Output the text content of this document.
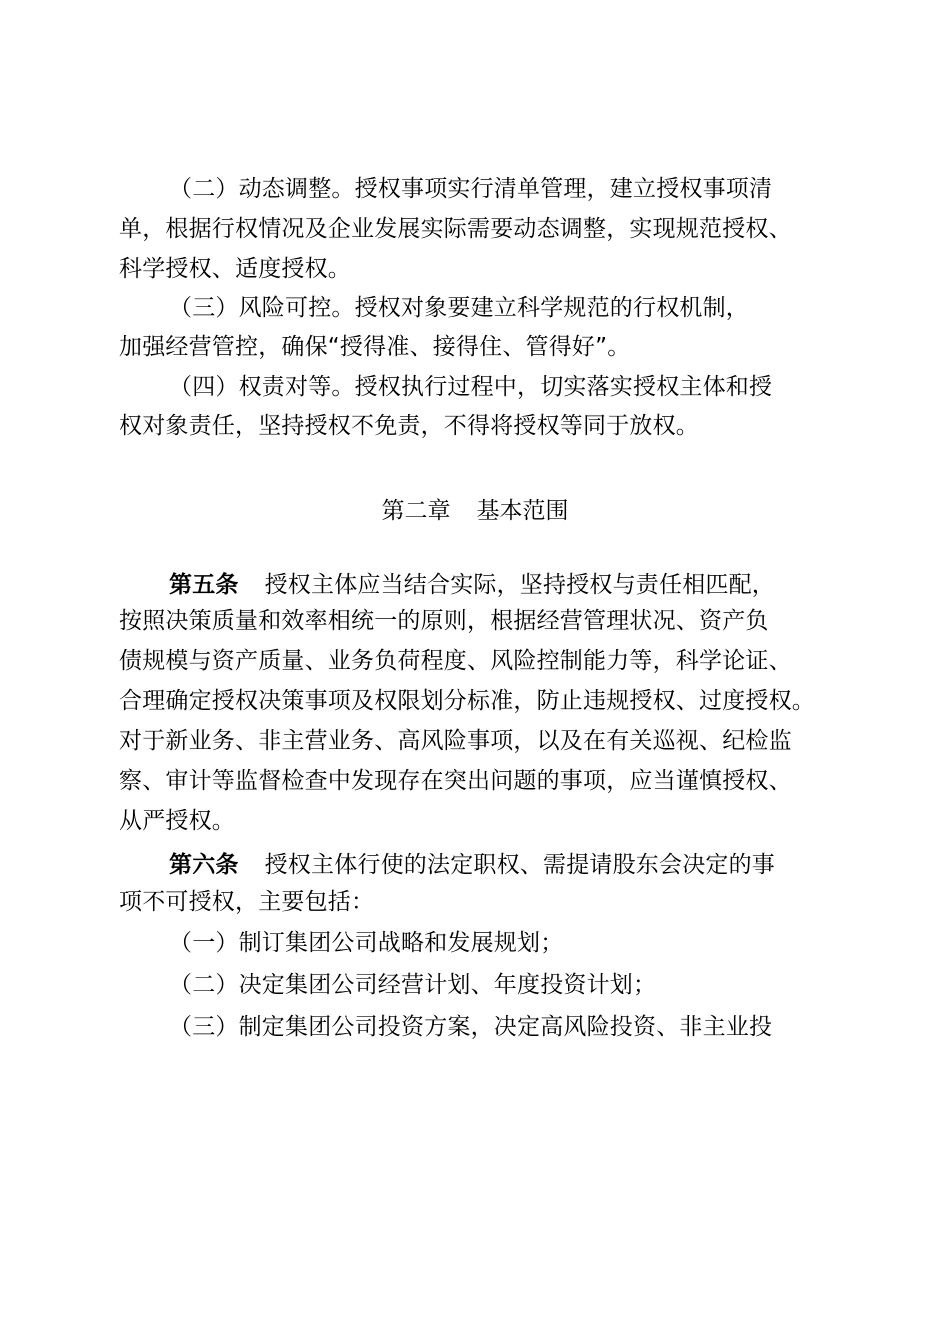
（二）动态调整。授权事项实行清单管理，建立授权事项清
单，根据行权情况及企业发展实际需要动态调整，实现规范授权、
科学授权、适度授权。
（三）风险可控。授权对象要建立科学规范的行权机制，
加强经营管控，确保“授得准、接得住、管得好”。
（四）权责对等。授权执行过程中，切实落实授权主体和授
权对象责任，坚持授权不免责，不得将授权等同于放权。
第二章 基本范围
第五条 授权主体应当结合实际，坚持授权与责任相匹配，
按照决策质量和效率相统一的原则，根据经营管理状况、资产负
债规模与资产质量、业务负荷程度、风险控制能力等，科学论证、
合理确定授权决策事项及权限划分标准，防止违规授权、过度授权。
对于新业务、非主营业务、高风险事项，以及在有关巡视、纪检监
察、审计等监督检查中发现存在突出问题的事项，应当谨慎授权、
从严授权。
第六条 授权主体行使的法定职权、需提请股东会决定的事
项不可授权，主要包括：
（一）制订集团公司战略和发展规划；
（二）决定集团公司经营计划、年度投资计划；
（三）制定集团公司投资方案，决定高风险投资、非主业投
